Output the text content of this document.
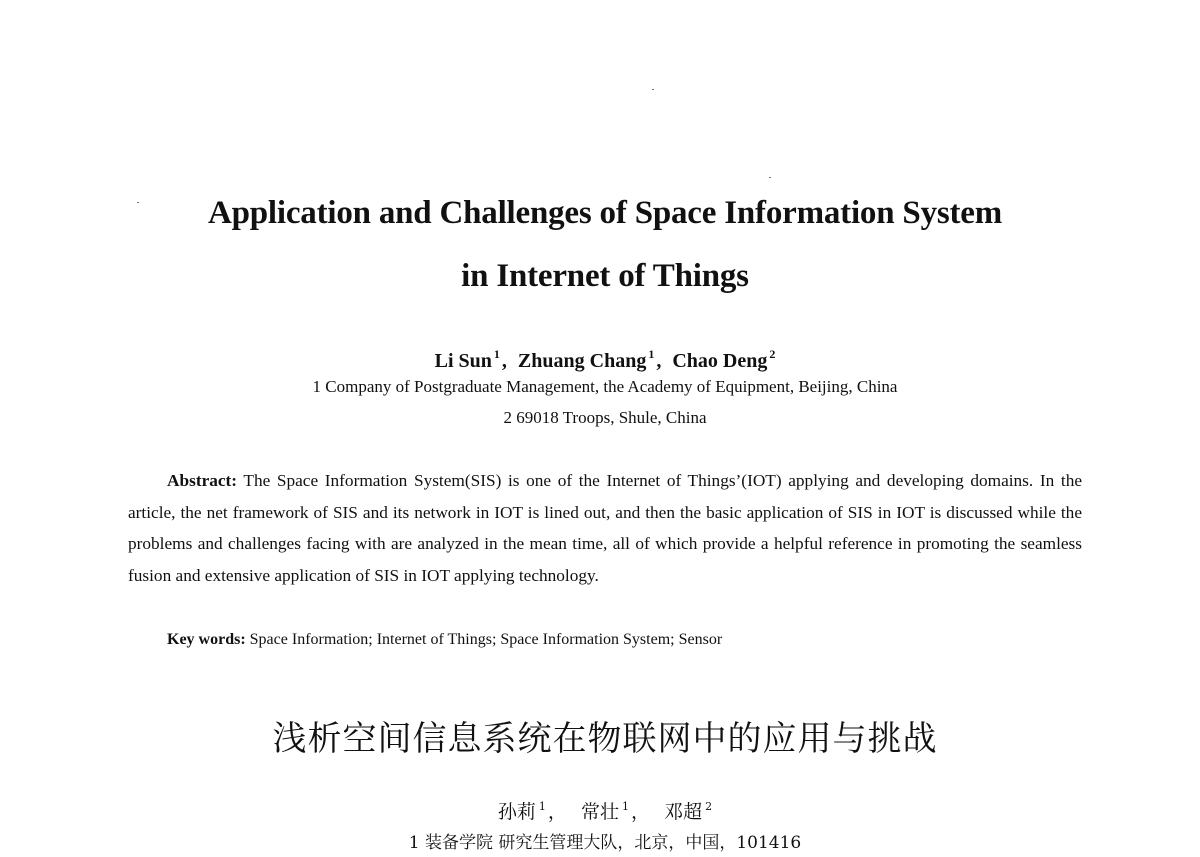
Application and Challenges of Space Information System
in Internet of Things
Li Sun $^1$ , Zhuang Chang $^1$ , Chao Deng $^2$
1 Company of Postgraduate Management, the Academy of Equipment, Beijing, China
2 69018 Troops, Shule, China

Abstract: The Space Information System(SIS) is one of the Internet of Things’(IOT) applying and developing domains. In the article, the net framework of SIS and its network in IOT is lined out, and then the basic application of SIS in IOT is discussed while the problems and challenges facing with are analyzed in the mean time, all of which provide a helpful reference in promoting the seamless fusion and extensive application of SIS in IOT applying technology.

Key words: Space Information; Internet of Things; Space Information System; Sensor
浅析空间信息系统在物联网中的应用与挑战
孙莉 $^1$ ， 常壮 $^1$ ， 邓超 $^2$
1 装备学院 研究生管理大队，北京，中国，101416
